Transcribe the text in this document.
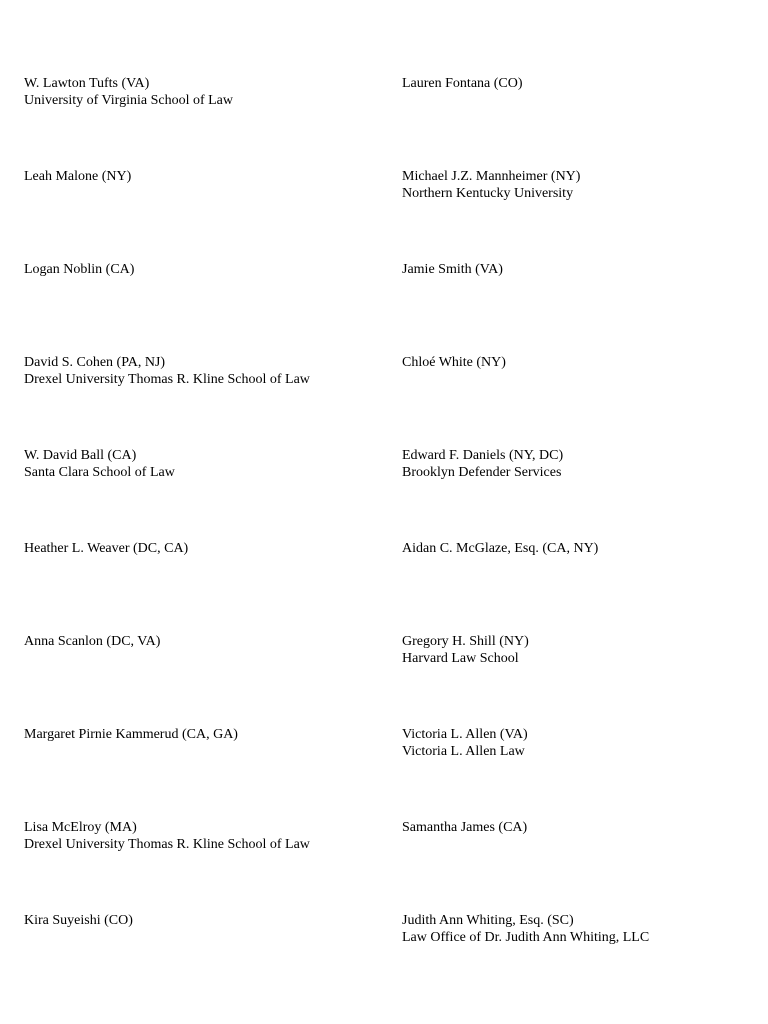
W. Lawton Tufts (VA)
University of Virginia School of Law
Leah Malone (NY)
Logan Noblin (CA)
David S. Cohen (PA, NJ)
Drexel University Thomas R. Kline School of Law
W. David Ball (CA)
Santa Clara School of Law
Heather L. Weaver (DC, CA)
Anna Scanlon (DC, VA)
Margaret Pirnie Kammerud (CA, GA)
Lisa McElroy (MA)
Drexel University Thomas R. Kline School of Law
Kira Suyeishi (CO)
Lauren Fontana (CO)
Michael J.Z. Mannheimer (NY)
Northern Kentucky University
Jamie Smith (VA)
Chloé White (NY)
Edward F. Daniels (NY, DC)
Brooklyn Defender Services
Aidan C. McGlaze, Esq. (CA, NY)
Gregory H. Shill (NY)
Harvard Law School
Victoria L. Allen (VA)
Victoria L. Allen Law
Samantha James (CA)
Judith Ann Whiting, Esq. (SC)
Law Office of Dr. Judith Ann Whiting, LLC
